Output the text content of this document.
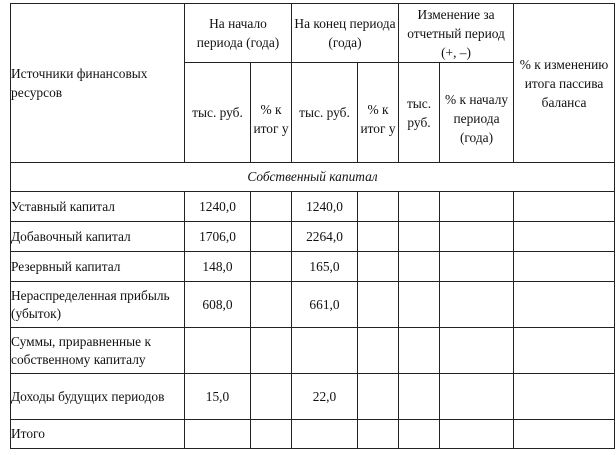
Источники финансовых ресурсов	На начало периода (года)		На конец периода (года)		Изменение за отчетный период (+, –)		% к изменению итога пассива баланса
	тыс. руб.	% к итог у	тыс. руб.	% к итог у	тыс. руб.	% к началу периода (года)	
Собственный капитал							
Уставный капитал	1240,0		1240,0				
Добавочный капитал	1706,0		2264,0				
Резервный капитал	148,0		165,0				
Нераспределенная прибыль (убыток)	608,0		661,0				
Суммы, приравненные к собственному капиталу							
Доходы будущих периодов	15,0		22,0				
Итого							
